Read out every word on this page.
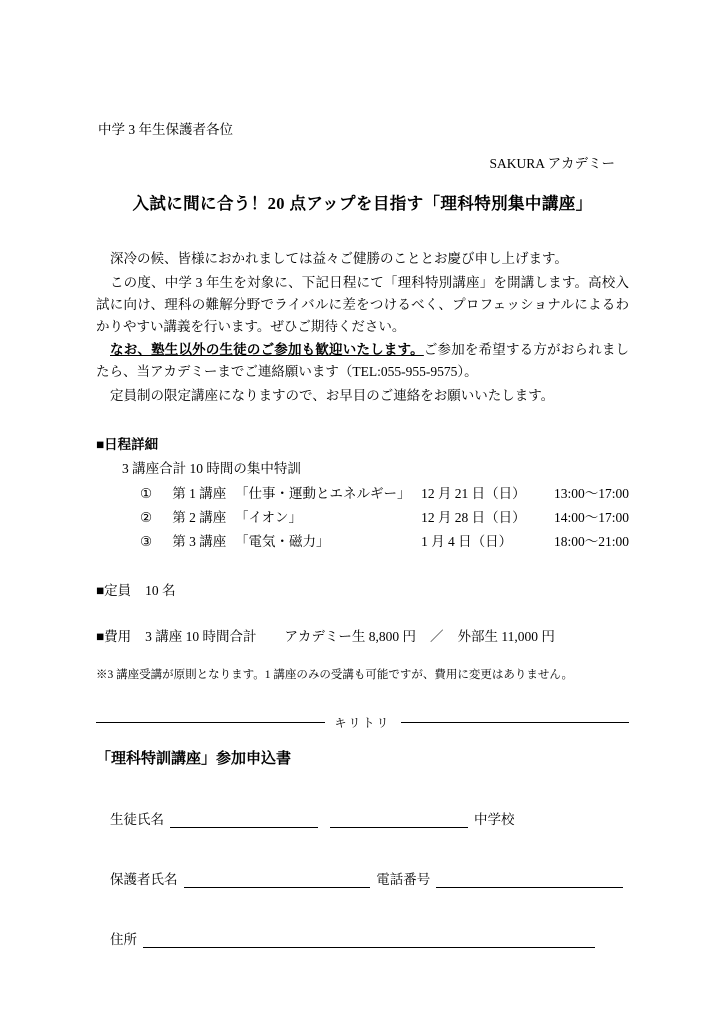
中学 3 年生保護者各位
SAKURA アカデミー
入試に間に合う！20 点アップを目指す「理科特別集中講座」

深冷の候、皆様におかれましては益々ご健勝のこととお慶び申し上げます。

この度、中学 3 年生を対象に、下記日程にて「理科特別講座」を開講します。高校入試に向け、理科の難解分野でライバルに差をつけるべく、プロフェッショナルによるわかりやすい講義を行います。ぜひご期待ください。

なお、塾生以外の生徒のご参加も歓迎いたします。ご参加を希望する方がおられましたら、当アカデミーまでご連絡願います（TEL:055-955-9575）。

定員制の限定講座になりますので、お早目のご連絡をお願いいたします。

■日程詳細
3 講座合計 10 時間の集中特訓
①	第 1 講座 「仕事・運動とエネルギー」 12 月 21 日（日）	13:00〜17:00
②	第 2 講座 「イオン」	12 月 28 日（日）	14:00〜17:00
③	第 3 講座 「電気・磁力」	1 月 4 日（日）	18:00〜21:00
■定員 10 名
■費用 3 講座 10 時間合計 アカデミー生 8,800 円 ／ 外部生 11,000 円
※3 講座受講が原則となります。1 講座のみの受講も可能ですが、費用に変更はありません。
キリトリ
「理科特訓講座」参加申込書
生徒氏名	中学校
保護者氏名	電話番号
住所
